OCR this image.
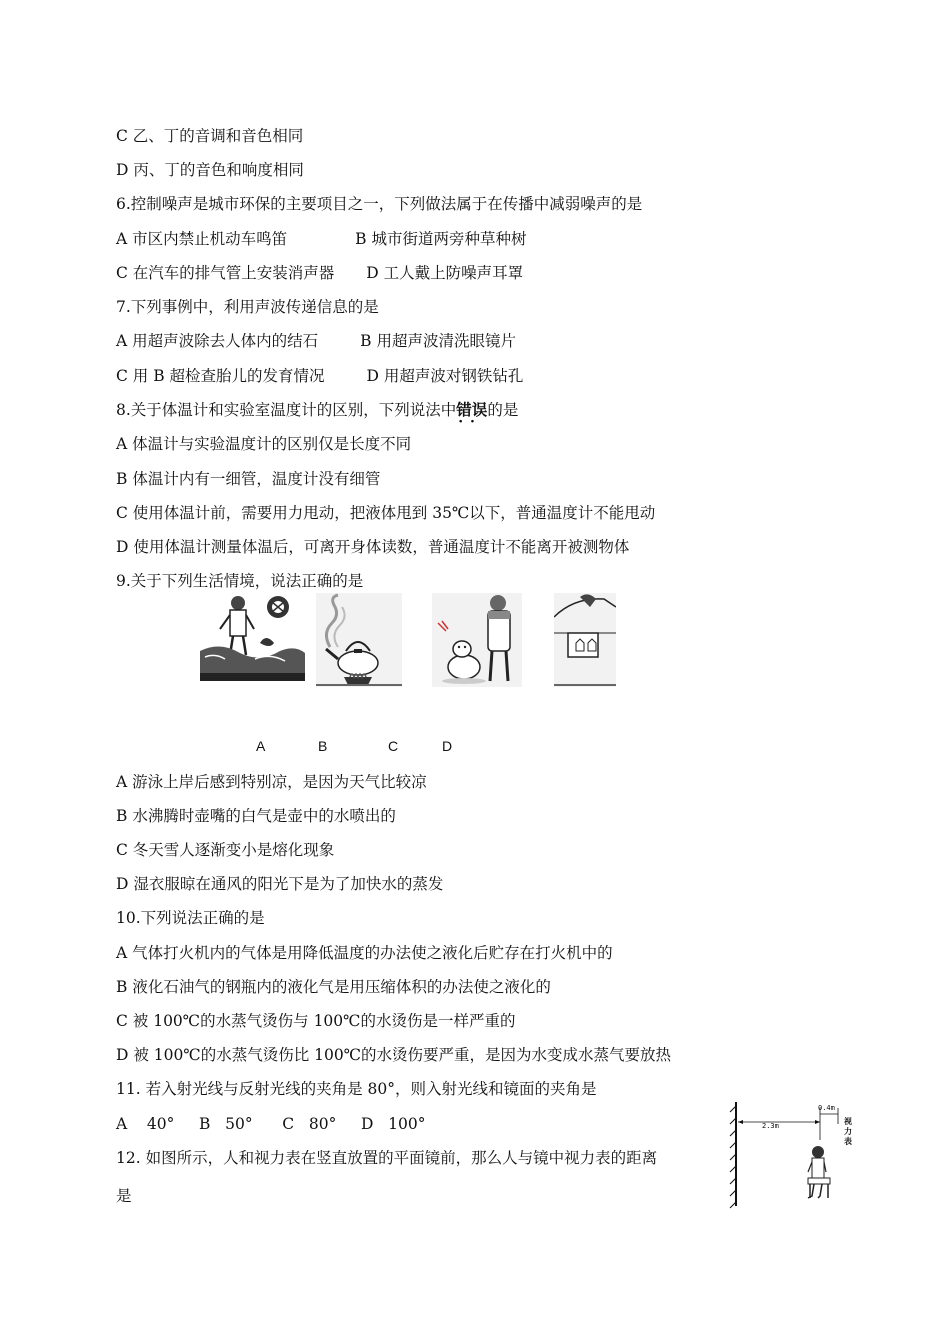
C 乙、丁的音调和音色相同
D 丙、丁的音色和响度相同
6.控制噪声是城市环保的主要项目之一，下列做法属于在传播中减弱噪声的是
A 市区内禁止机动车鸣笛	B 城市街道两旁种草种树
C 在汽车的排气管上安装消声器 D 工人戴上防噪声耳罩
7.下列事例中，利用声波传递信息的是
A 用超声波除去人体内的结石	B 用超声波清洗眼镜片
C 用 B 超检查胎儿的发育情况	D 用超声波对钢铁钻孔
8.关于体温计和实验室温度计的区别，下列说法中错误 · ·的是
A 体温计与实验温度计的区别仅是长度不同
B 体温计内有一细管，温度计没有细管
C 使用体温计前，需要用力甩动，把液体甩到 35℃以下，普通温度计不能甩动
D 使用体温计测量体温后，可离开身体读数，普通温度计不能离开被测物体
9.关于下列生活情境，说法正确的是
A	B	C	D
A 游泳上岸后感到特别凉，是因为天气比较凉
B 水沸腾时壶嘴的白气是壶中的水喷出的
C 冬天雪人逐渐变小是熔化现象
D 湿衣服晾在通风的阳光下是为了加快水的蒸发
10.下列说法正确的是
A 气体打火机内的气体是用降低温度的办法使之液化后贮存在打火机中的
B 液化石油气的钢瓶内的液化气是用压缩体积的办法使之液化的
C 被 100℃的水蒸气烫伤与 100℃的水烫伤是一样严重的
D 被 100℃的水蒸气烫伤比 100℃的水烫伤要严重，是因为水变成水蒸气要放热
11. 若入射光线与反射光线的夹角是 80°，则入射光线和镜面的夹角是
A    40°     B   50°      C   80°     D   100°
12. 如图所示，人和视力表在竖直放置的平面镜前，那么人与镜中视力表的距离
是
2.3m
0.4m
视力表
